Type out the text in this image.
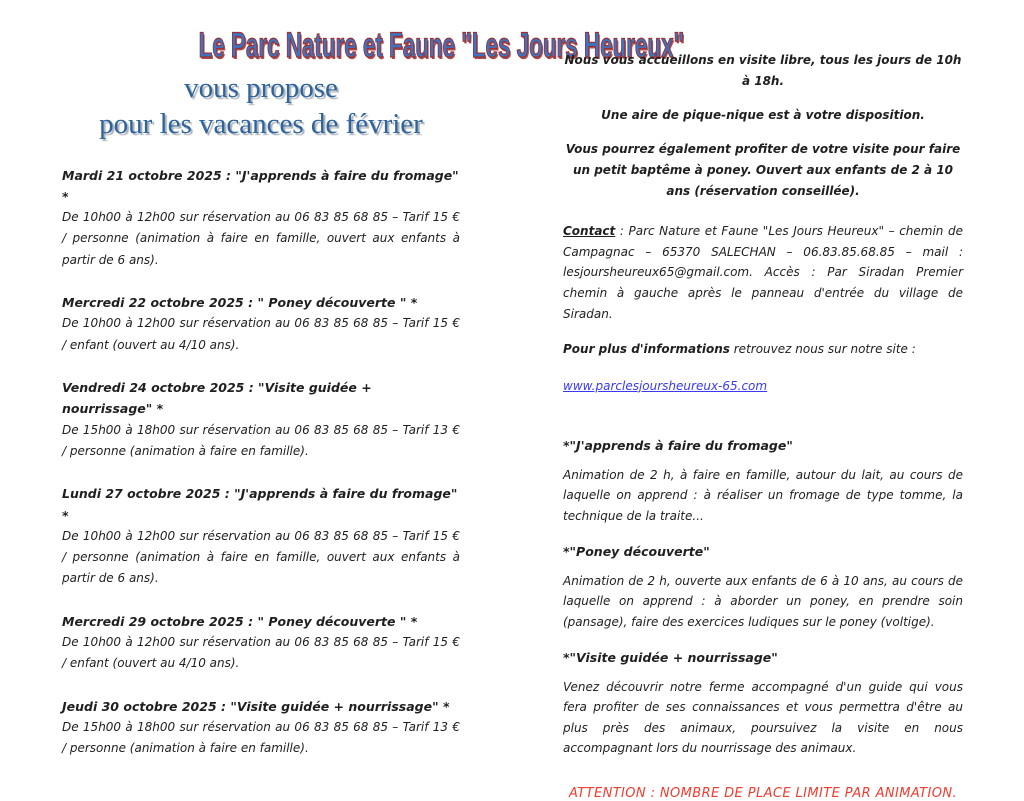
Le Parc Nature et Faune "Les Jours Heureux"
vous propose
pour les vacances de février
Mardi 21 octobre 2025 : "J'apprends à faire du fromage" *
De 10h00 à 12h00 sur réservation au 06 83 85 68 85 – Tarif 15 € / personne (animation à faire en famille, ouvert aux enfants à partir de 6 ans).
Mercredi 22 octobre 2025 : " Poney découverte " *
De 10h00 à 12h00 sur réservation au 06 83 85 68 85 – Tarif 15 € / enfant (ouvert au 4/10 ans).
Vendredi 24 octobre 2025 : "Visite guidée + nourrissage" *
De 15h00 à 18h00 sur réservation au 06 83 85 68 85 – Tarif 13 € / personne (animation à faire en famille).
Lundi 27 octobre 2025 : "J'apprends à faire du fromage" *
De 10h00 à 12h00 sur réservation au 06 83 85 68 85 – Tarif 15 € / personne (animation à faire en famille, ouvert aux enfants à partir de 6 ans).
Mercredi 29 octobre 2025 : " Poney découverte " *
De 10h00 à 12h00 sur réservation au 06 83 85 68 85 – Tarif 15 € / enfant (ouvert au 4/10 ans).
Jeudi 30 octobre 2025 : "Visite guidée + nourrissage" *
De 15h00 à 18h00 sur réservation au 06 83 85 68 85 – Tarif 13 € / personne (animation à faire en famille).
Nous vous accueillons en visite libre, tous les jours de 10h à 18h.
Une aire de pique-nique est à votre disposition.
Vous pourrez également profiter de votre visite pour faire un petit baptême à poney. Ouvert aux enfants de 2 à 10 ans (réservation conseillée).
Contact : Parc Nature et Faune "Les Jours Heureux" – chemin de Campagnac – 65370 SALECHAN – 06.83.85.68.85 – mail : lesjoursheureux65@gmail.com. Accès : Par Siradan Premier chemin à gauche après le panneau d'entrée du village de Siradan.
Pour plus d'informations retrouvez nous sur notre site :
www.parclesjoursheureux-65.com
*"J'apprends à faire du fromage"
Animation de 2 h, à faire en famille, autour du lait, au cours de laquelle on apprend : à réaliser un fromage de type tomme, la technique de la traite...
*"Poney découverte"
Animation de 2 h, ouverte aux enfants de 6 à 10 ans, au cours de laquelle on apprend : à aborder un poney, en prendre soin (pansage), faire des exercices ludiques sur le poney (voltige).
*"Visite guidée + nourrissage"
Venez découvrir notre ferme accompagné d'un guide qui vous fera profiter de ses connaissances et vous permettra d'être au plus près des animaux, poursuivez la visite en nous accompagnant lors du nourrissage des animaux.
ATTENTION : NOMBRE DE PLACE LIMITE PAR ANIMATION.
